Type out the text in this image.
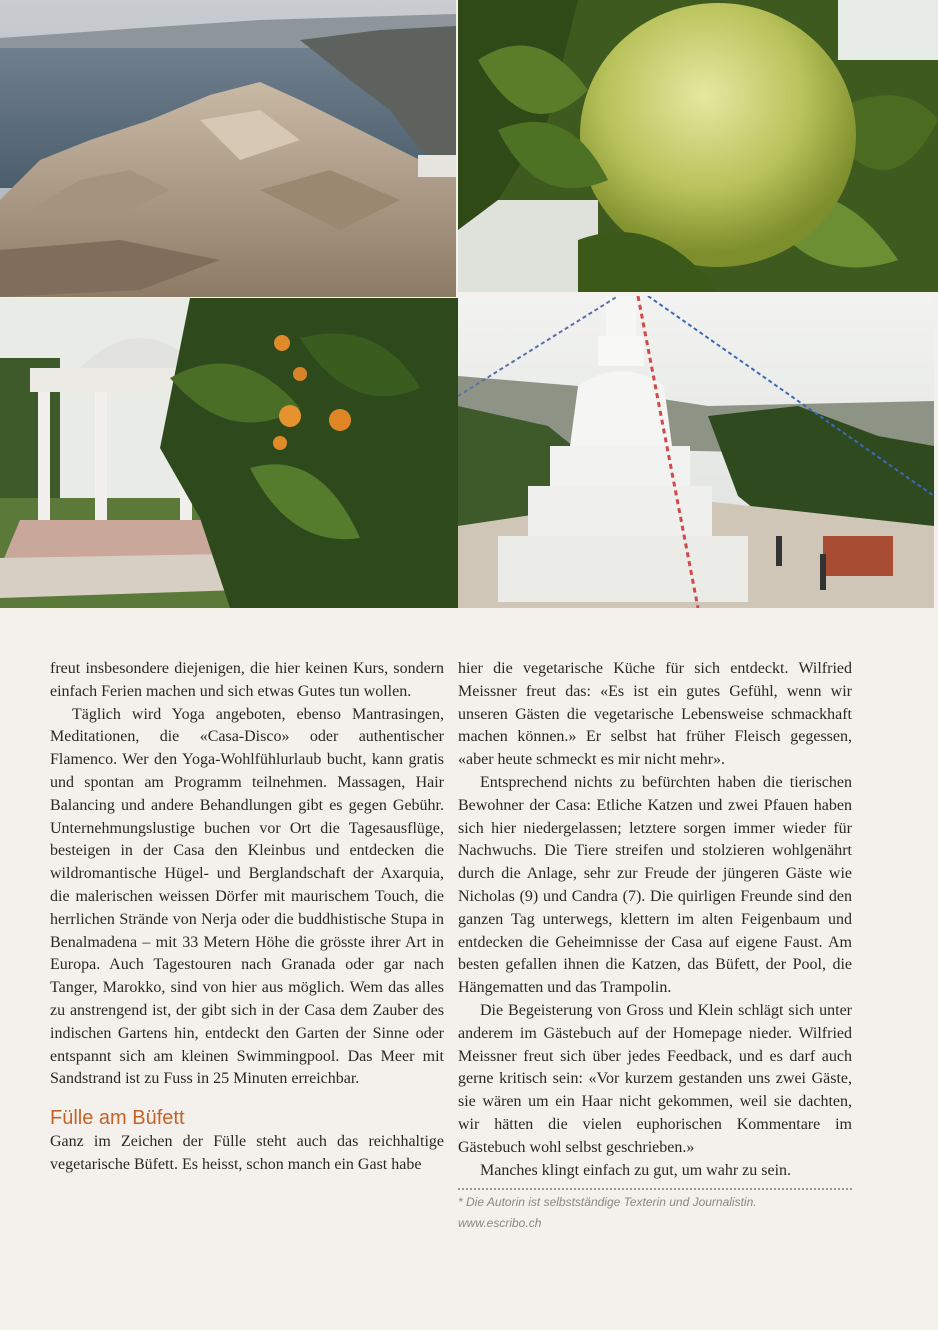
freut insbesondere diejenigen, die hier keinen Kurs, sondern einfach Ferien machen und sich etwas Gutes tun wollen.

Täglich wird Yoga angeboten, ebenso Mantrasingen, Meditationen, die «Casa-Disco» oder authentischer Flamenco. Wer den Yoga-Wohlfühlurlaub bucht, kann gratis und spontan am Programm teilnehmen. Massagen, Hair Balancing und andere Behandlungen gibt es gegen Gebühr. Unternehmungslustige buchen vor Ort die Tagesausflüge, besteigen in der Casa den Kleinbus und entdecken die wildromantische Hügel- und Berglandschaft der Axarquia, die malerischen weissen Dörfer mit maurischem Touch, die herrlichen Strände von Nerja oder die buddhistische Stupa in Benalmadena – mit 33 Metern Höhe die grösste ihrer Art in Europa. Auch Tagestouren nach Granada oder gar nach Tanger, Marokko, sind von hier aus möglich. Wem das alles zu anstrengend ist, der gibt sich in der Casa dem Zauber des indischen Gartens hin, entdeckt den Garten der Sinne oder entspannt sich am kleinen Swimmingpool. Das Meer mit Sandstrand ist zu Fuss in 25 Minuten erreichbar.

Fülle am Büfett

Ganz im Zeichen der Fülle steht auch das reichhaltige vegetarische Büfett. Es heisst, schon manch ein Gast habe

hier die vegetarische Küche für sich entdeckt. Wilfried Meissner freut das: «Es ist ein gutes Gefühl, wenn wir unseren Gästen die vegetarische Lebensweise schmackhaft machen können.» Er selbst hat früher Fleisch gegessen, «aber heute schmeckt es mir nicht mehr».

Entsprechend nichts zu befürchten haben die tierischen Bewohner der Casa: Etliche Katzen und zwei Pfauen haben sich hier niedergelassen; letztere sorgen immer wieder für Nachwuchs. Die Tiere streifen und stolzieren wohlgenährt durch die Anlage, sehr zur Freude der jüngeren Gäste wie Nicholas (9) und Candra (7). Die quirligen Freunde sind den ganzen Tag unterwegs, klettern im alten Feigenbaum und entdecken die Geheimnisse der Casa auf eigene Faust. Am besten gefallen ihnen die Katzen, das Büfett, der Pool, die Hängematten und das Trampolin.

Die Begeisterung von Gross und Klein schlägt sich unter anderem im Gästebuch auf der Homepage nieder. Wilfried Meissner freut sich über jedes Feedback, und es darf auch gerne kritisch sein: «Vor kurzem gestanden uns zwei Gäste, sie wären um ein Haar nicht gekommen, weil sie dachten, wir hätten die vielen euphorischen Kommentare im Gästebuch wohl selbst geschrieben.»

Manches klingt einfach zu gut, um wahr zu sein.

* Die Autorin ist selbstständige Texterin und Journalistin.

www.escribo.ch
